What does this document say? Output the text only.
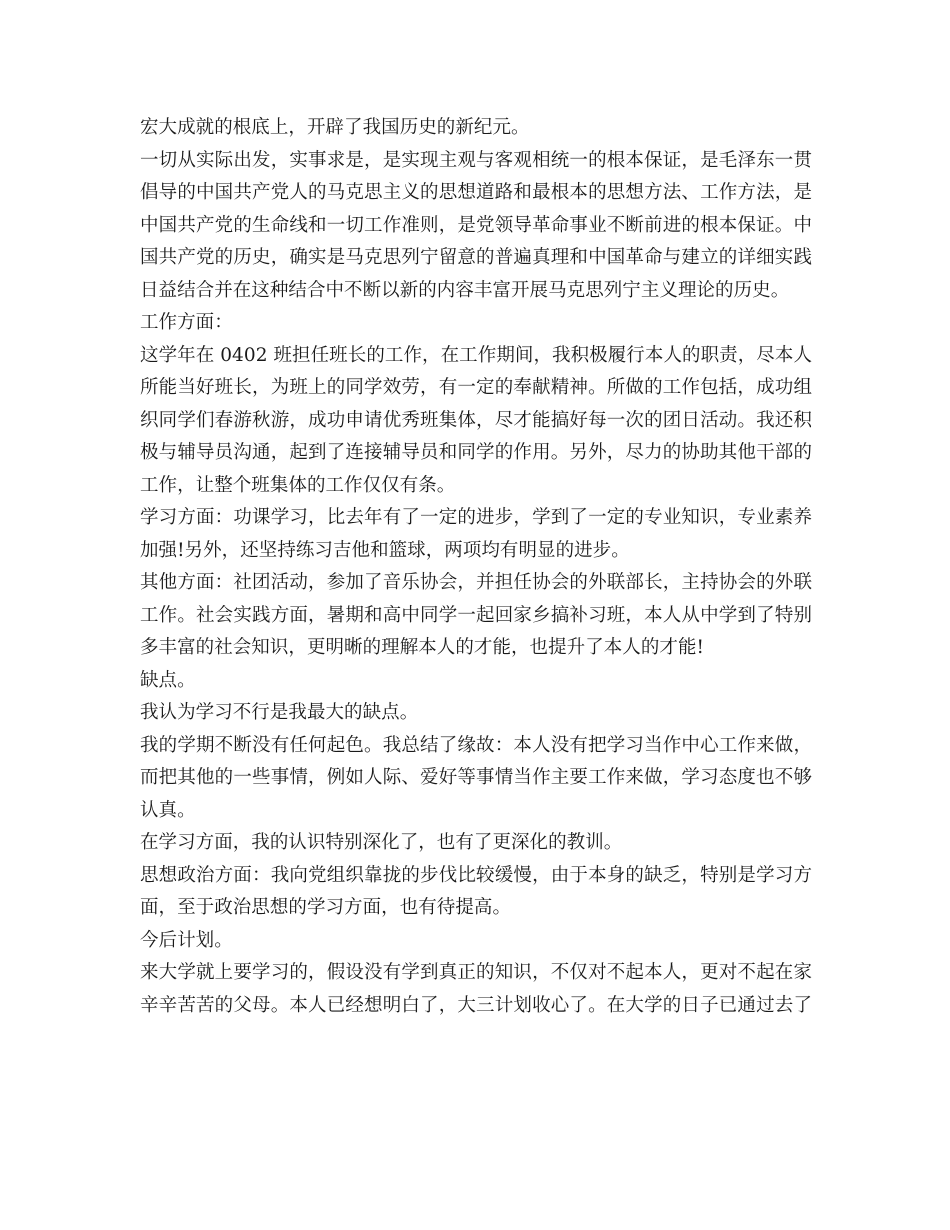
宏大成就的根底上，开辟了我国历史的新纪元。
一切从实际出发，实事求是，是实现主观与客观相统一的根本保证，是毛泽东一贯
倡导的中国共产党人的马克思主义的思想道路和最根本的思想方法、工作方法，是
中国共产党的生命线和一切工作准则，是党领导革命事业不断前进的根本保证。中
国共产党的历史，确实是马克思列宁留意的普遍真理和中国革命与建立的详细实践
日益结合并在这种结合中不断以新的内容丰富开展马克思列宁主义理论的历史。
工作方面：
这学年在 0402 班担任班长的工作，在工作期间，我积极履行本人的职责，尽本人
所能当好班长，为班上的同学效劳，有一定的奉献精神。所做的工作包括，成功组
织同学们春游秋游，成功申请优秀班集体，尽才能搞好每一次的团日活动。我还积
极与辅导员沟通，起到了连接辅导员和同学的作用。另外，尽力的协助其他干部的
工作，让整个班集体的工作仅仅有条。
学习方面：功课学习，比去年有了一定的进步，学到了一定的专业知识，专业素养
加强!另外，还坚持练习吉他和篮球，两项均有明显的进步。
其他方面：社团活动，参加了音乐协会，并担任协会的外联部长，主持协会的外联
工作。社会实践方面，暑期和高中同学一起回家乡搞补习班，本人从中学到了特别
多丰富的社会知识，更明晰的理解本人的才能，也提升了本人的才能!
缺点。
我认为学习不行是我最大的缺点。
我的学期不断没有任何起色。我总结了缘故：本人没有把学习当作中心工作来做，
而把其他的一些事情，例如人际、爱好等事情当作主要工作来做，学习态度也不够
认真。
在学习方面，我的认识特别深化了，也有了更深化的教训。
思想政治方面：我向党组织靠拢的步伐比较缓慢，由于本身的缺乏，特别是学习方
面，至于政治思想的学习方面，也有待提高。
今后计划。
来大学就上要学习的，假设没有学到真正的知识，不仅对不起本人，更对不起在家
辛辛苦苦的父母。本人已经想明白了，大三计划收心了。在大学的日子已通过去了
